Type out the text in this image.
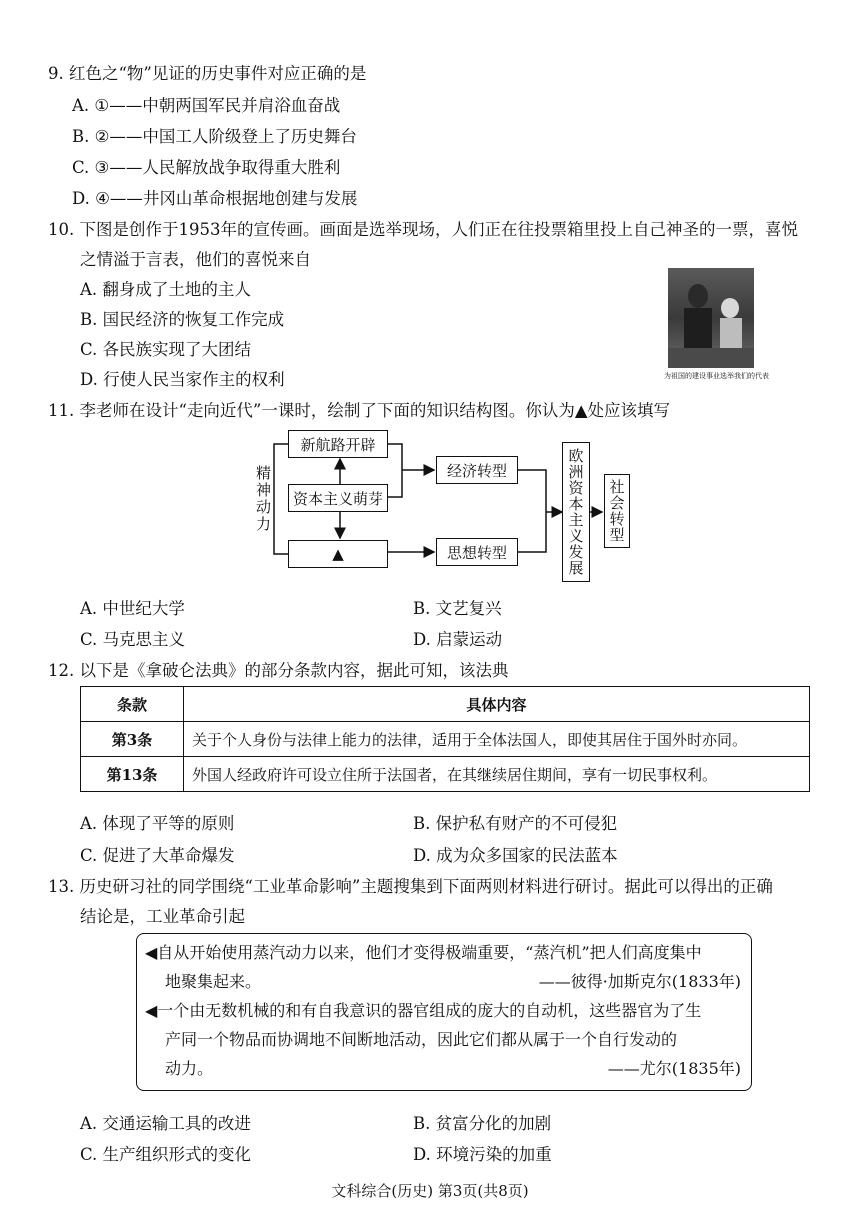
9. 红色之“物”见证的历史事件对应正确的是
A. ①——中朝两国军民并肩浴血奋战
B. ②——中国工人阶级登上了历史舞台
C. ③——人民解放战争取得重大胜利
D. ④——井冈山革命根据地创建与发展
10. 下图是创作于1953年的宣传画。画面是选举现场，人们正在往投票箱里投上自己神圣的一票，喜悦
之情溢于言表，他们的喜悦来自
A. 翻身成了土地的主人
B. 国民经济的恢复工作完成
C. 各民族实现了大团结
D. 行使人民当家作主的权利	为祖国的建设事业选举我们的代表
11. 李老师在设计“走向近代”一课时，绘制了下面的知识结构图。你认为▲处应该填写
精神动力
新航路开辟
资本主义萌芽
▲
经济转型
思想转型	欧洲资本主义发展 社会转型
A. 中世纪大学	B. 文艺复兴
C. 马克思主义	D. 启蒙运动
12. 以下是《拿破仑法典》的部分条款内容，据此可知，该法典
条款	具体内容
第3条	关于个人身份与法律上能力的法律，适用于全体法国人，即使其居住于国外时亦同。
第13条	外国人经政府许可设立住所于法国者，在其继续居住期间，享有一切民事权利。
A. 体现了平等的原则	B. 保护私有财产的不可侵犯
C. 促进了大革命爆发	D. 成为众多国家的民法蓝本
13. 历史研习社的同学围绕“工业革命影响”主题搜集到下面两则材料进行研讨。据此可以得出的正确
结论是，工业革命引起
◀自从开始使用蒸汽动力以来，他们才变得极端重要，“蒸汽机”把人们高度集中
地聚集起来。	——彼得·加斯克尔(1833年)
◀一个由无数机械的和有自我意识的器官组成的庞大的自动机，这些器官为了生
产同一个物品而协调地不间断地活动，因此它们都从属于一个自行发动的
动力。	——尤尔(1835年)
A. 交通运输工具的改进	B. 贫富分化的加剧
C. 生产组织形式的变化	D. 环境污染的加重
文科综合(历史) 第3页(共8页)
